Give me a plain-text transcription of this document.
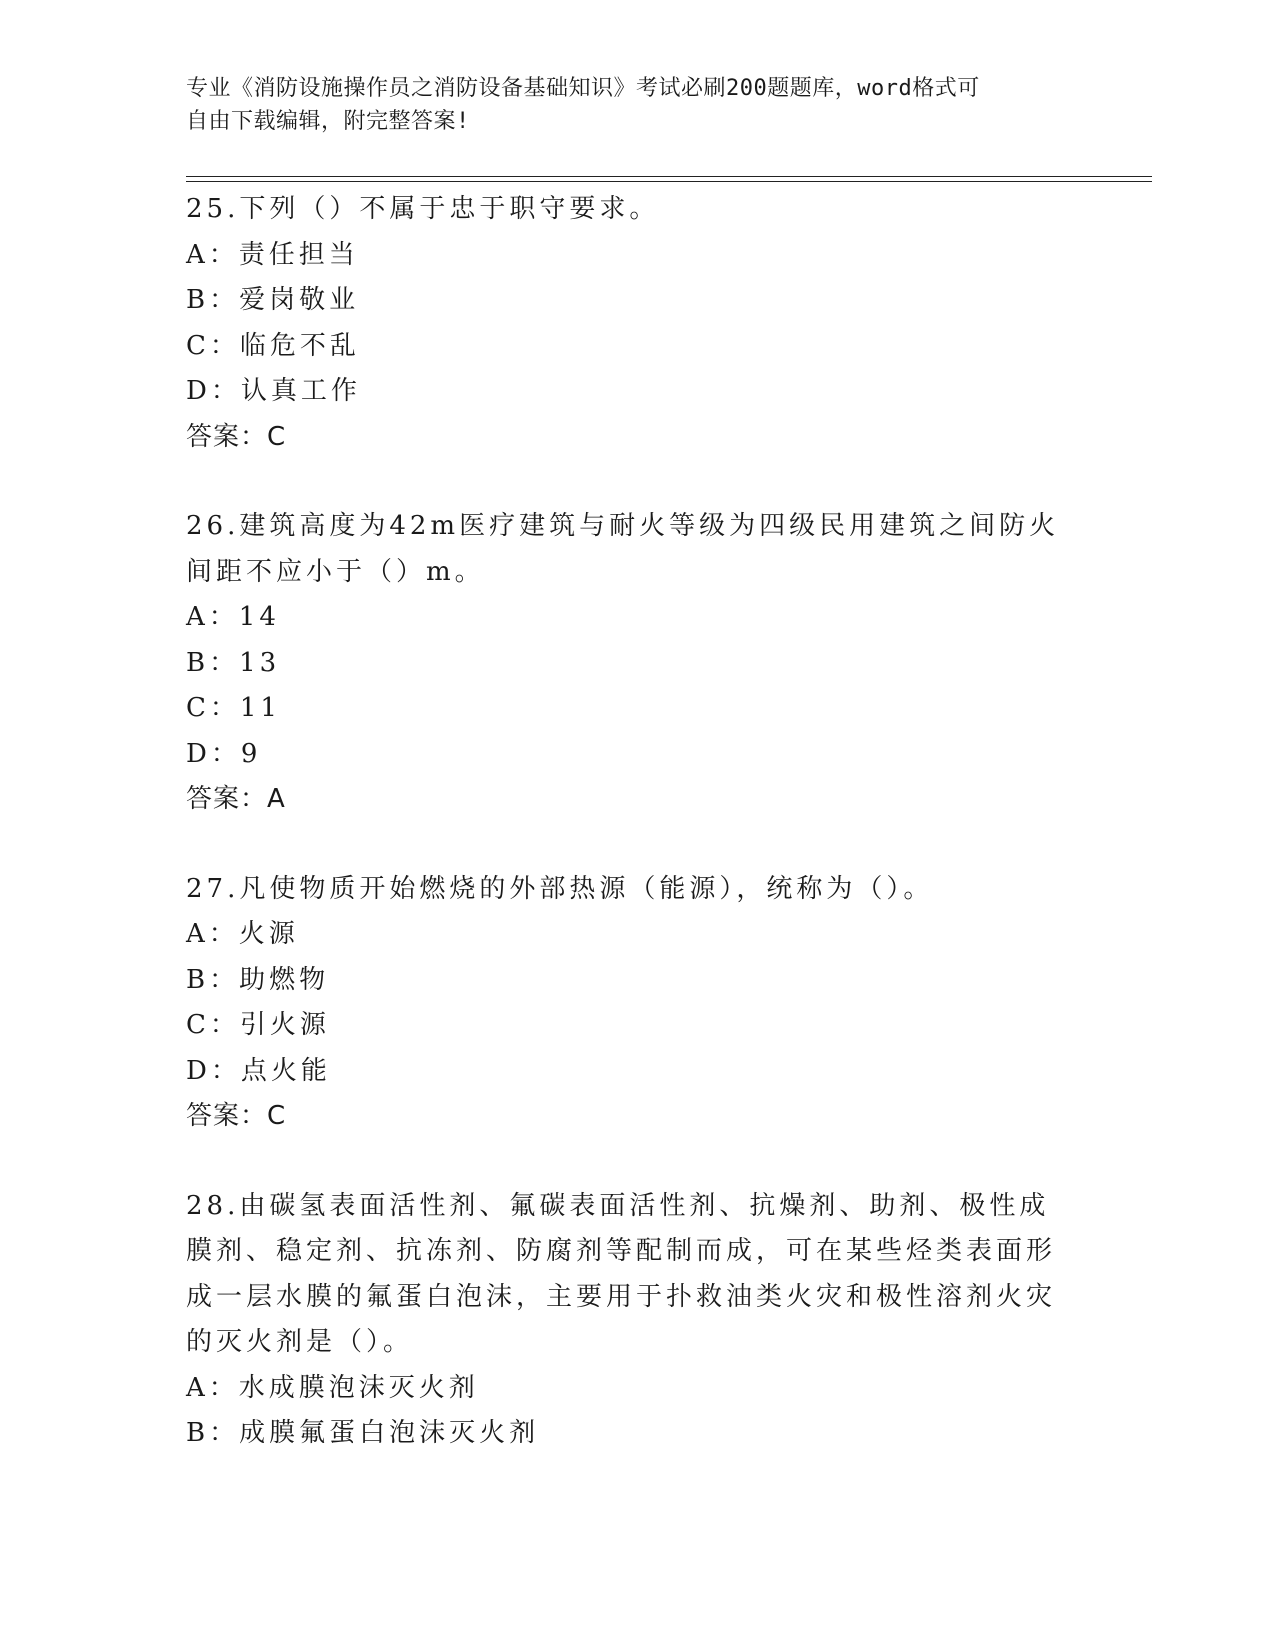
专业《消防设施操作员之消防设备基础知识》考试必刷200题题库，word格式可
自由下载编辑，附完整答案!
25.下列（）不属于忠于职守要求。
A：责任担当
B：爱岗敬业
C：临危不乱
D：认真工作
答案：C
26.建筑高度为42m医疗建筑与耐火等级为四级民用建筑之间防火间距不应小于（）m。
A：14
B：13
C：11
D：9
答案：A
27.凡使物质开始燃烧的外部热源（能源），统称为（）。
A：火源
B：助燃物
C：引火源
D：点火能
答案：C
28.由碳氢表面活性剂、氟碳表面活性剂、抗燥剂、助剂、极性成膜剂、稳定剂、抗冻剂、防腐剂等配制而成，可在某些烃类表面形成一层水膜的氟蛋白泡沫，主要用于扑救油类火灾和极性溶剂火灾的灭火剂是（）。
A：水成膜泡沫灭火剂
B：成膜氟蛋白泡沫灭火剂
